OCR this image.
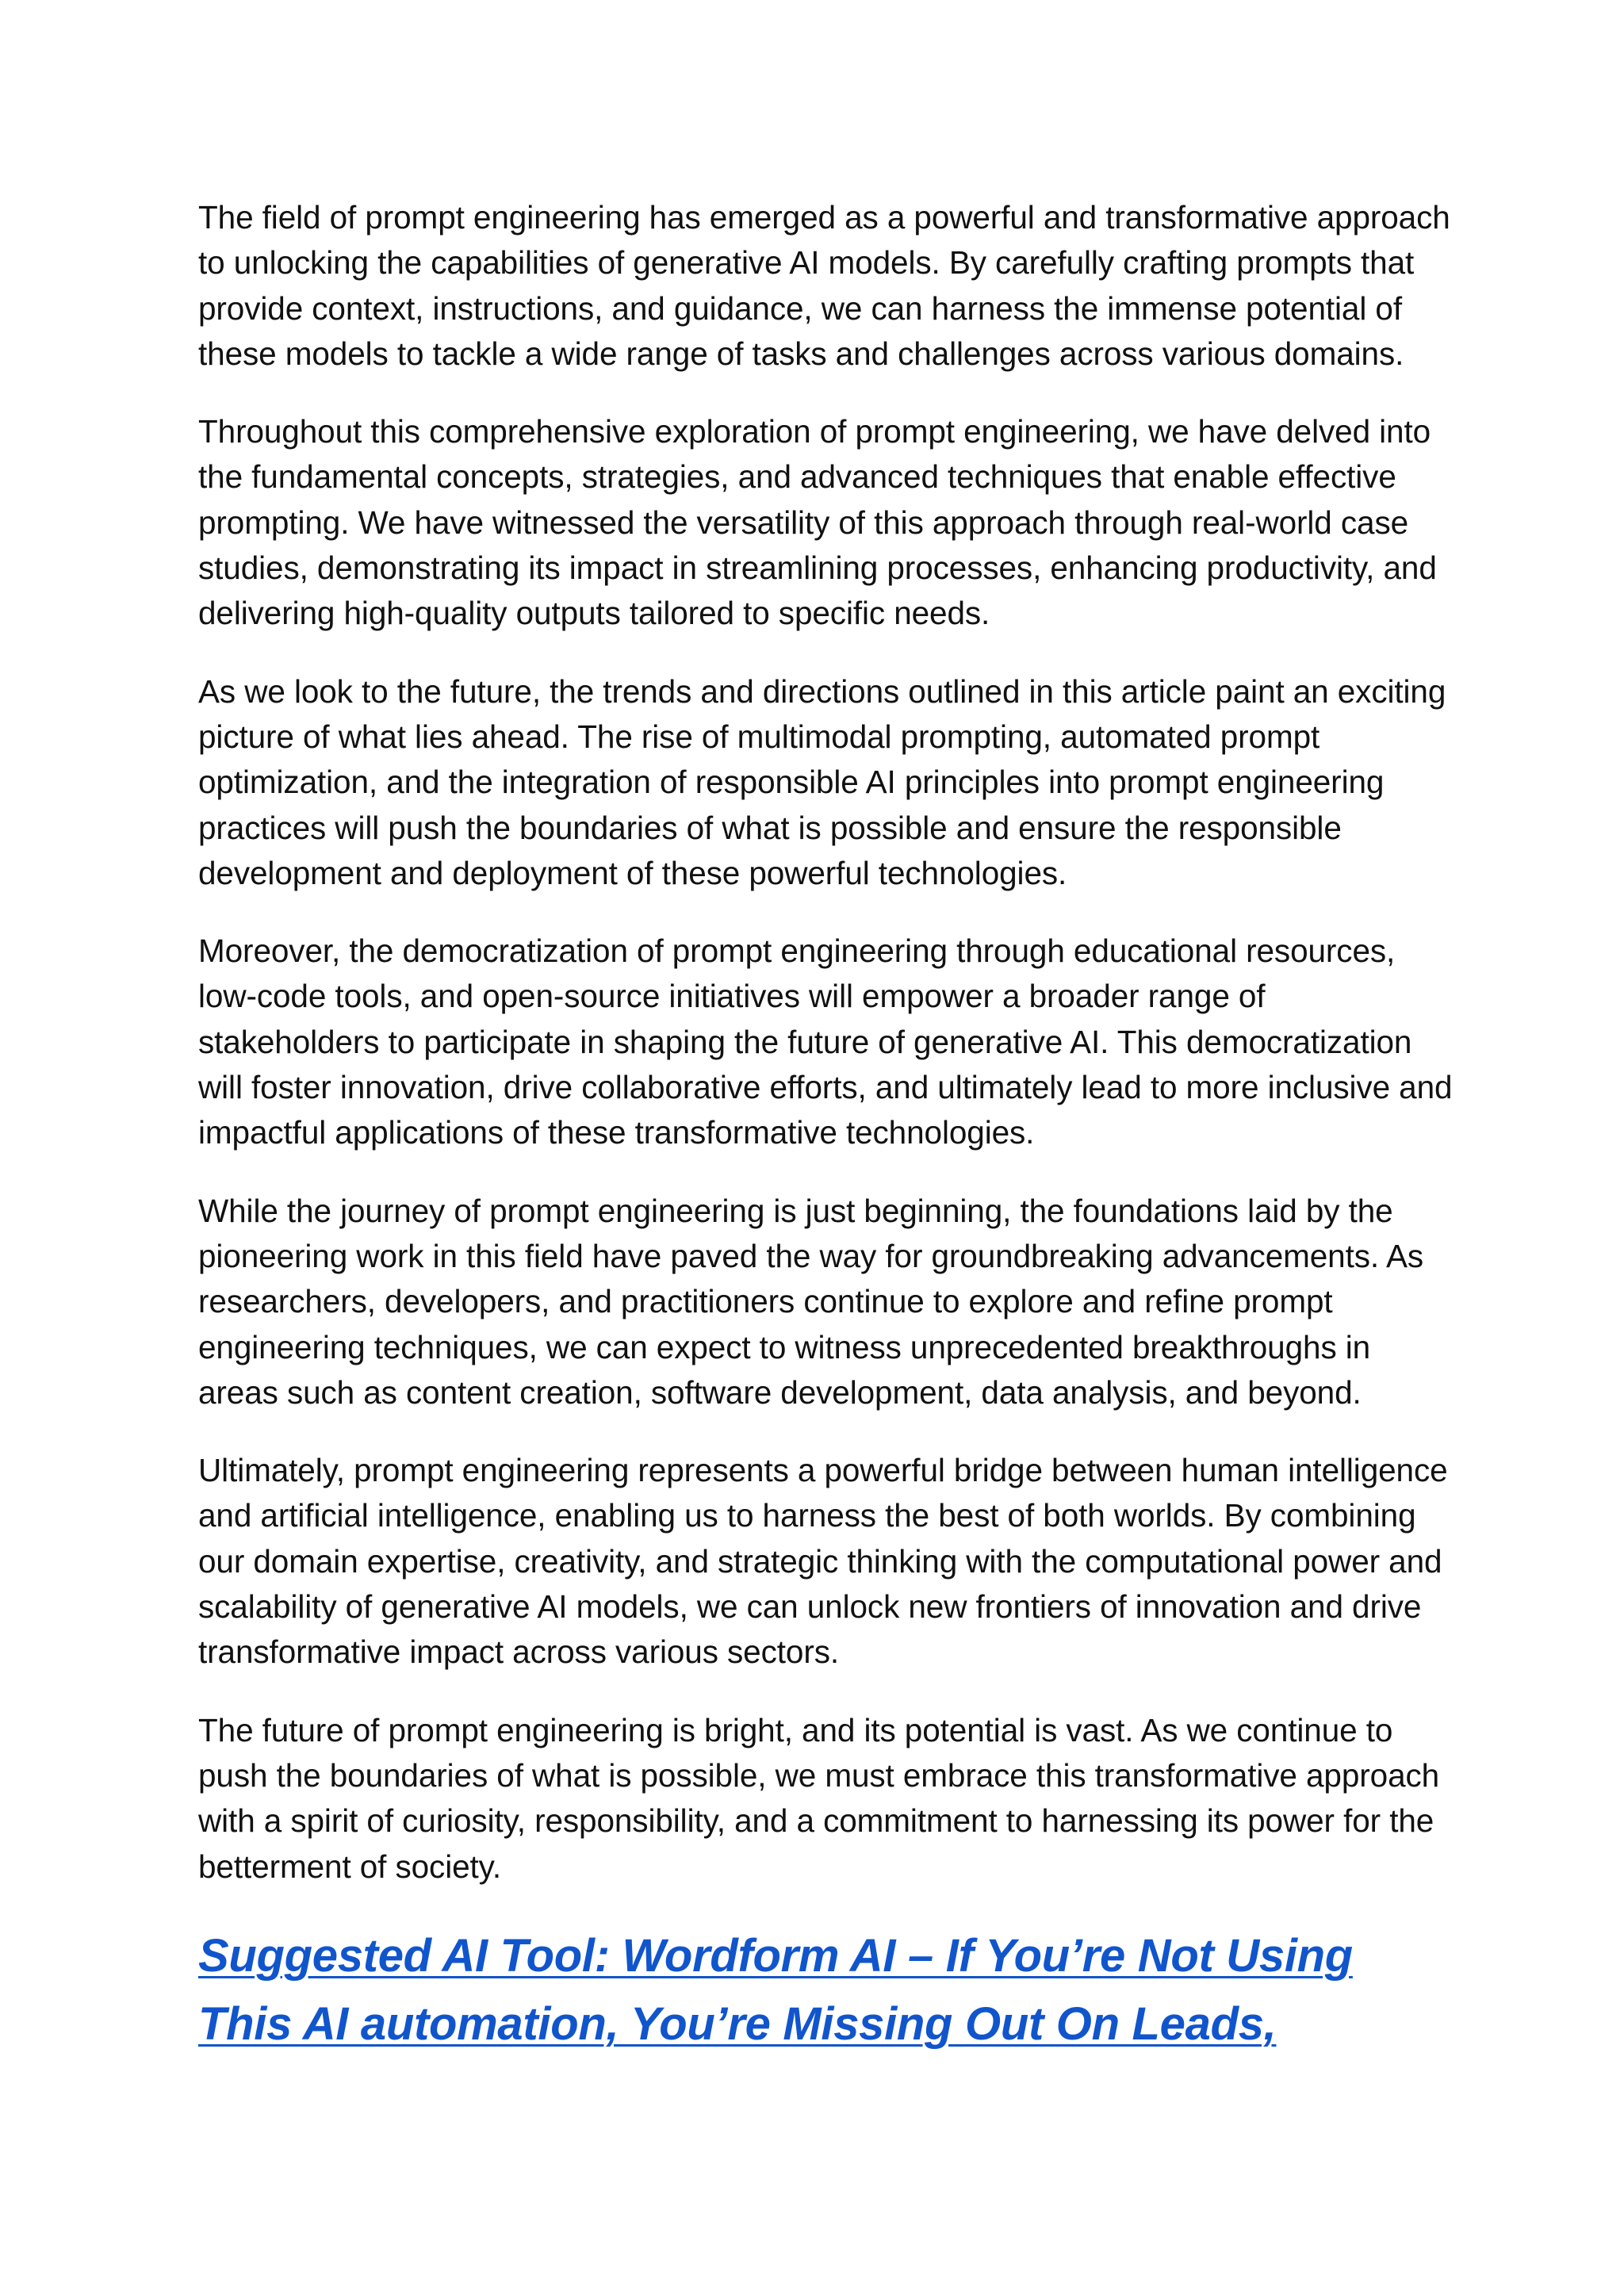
The field of prompt engineering has emerged as a powerful and transformative approach to unlocking the capabilities of generative AI models. By carefully crafting prompts that provide context, instructions, and guidance, we can harness the immense potential of these models to tackle a wide range of tasks and challenges across various domains.

Throughout this comprehensive exploration of prompt engineering, we have delved into the fundamental concepts, strategies, and advanced techniques that enable effective prompting. We have witnessed the versatility of this approach through real-world case studies, demonstrating its impact in streamlining processes, enhancing productivity, and delivering high-quality outputs tailored to specific needs.

As we look to the future, the trends and directions outlined in this article paint an exciting picture of what lies ahead. The rise of multimodal prompting, automated prompt optimization, and the integration of responsible AI principles into prompt engineering practices will push the boundaries of what is possible and ensure the responsible development and deployment of these powerful technologies.

Moreover, the democratization of prompt engineering through educational resources, low-code tools, and open-source initiatives will empower a broader range of stakeholders to participate in shaping the future of generative AI. This democratization will foster innovation, drive collaborative efforts, and ultimately lead to more inclusive and impactful applications of these transformative technologies.

While the journey of prompt engineering is just beginning, the foundations laid by the pioneering work in this field have paved the way for groundbreaking advancements. As researchers, developers, and practitioners continue to explore and refine prompt engineering techniques, we can expect to witness unprecedented breakthroughs in areas such as content creation, software development, data analysis, and beyond.

Ultimately, prompt engineering represents a powerful bridge between human intelligence and artificial intelligence, enabling us to harness the best of both worlds. By combining our domain expertise, creativity, and strategic thinking with the computational power and scalability of generative AI models, we can unlock new frontiers of innovation and drive transformative impact across various sectors.

The future of prompt engineering is bright, and its potential is vast. As we continue to push the boundaries of what is possible, we must embrace this transformative approach with a spirit of curiosity, responsibility, and a commitment to harnessing its power for the betterment of society.

Suggested AI Tool: Wordform AI – If You’re Not Using This AI automation, You’re Missing Out On Leads,
